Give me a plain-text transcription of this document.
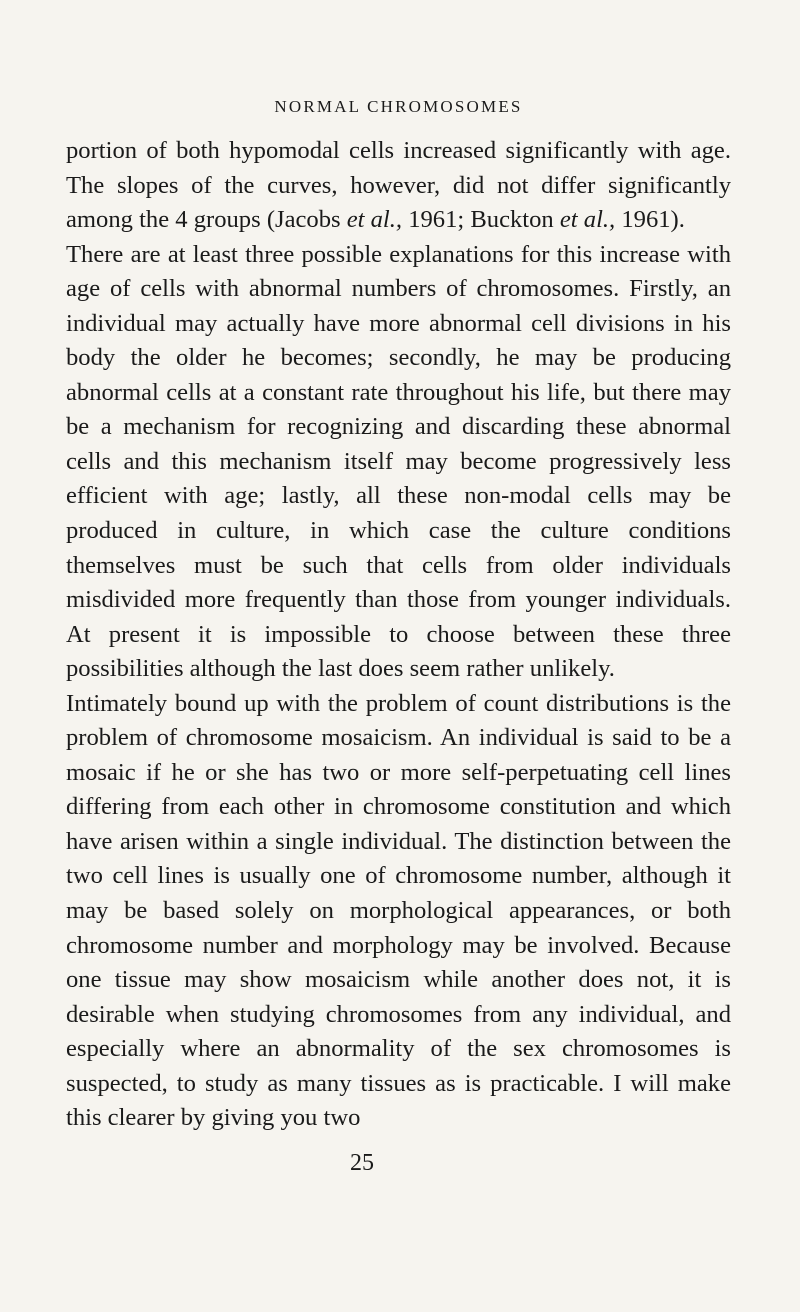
NORMAL CHROMOSOMES

portion of both hypomodal cells increased significantly with age. The slopes of the curves, however, did not differ significantly among the 4 groups (Jacobs et al., 1961; Buckton et al., 1961).

There are at least three possible explanations for this increase with age of cells with abnormal numbers of chromosomes. Firstly, an individual may actually have more abnormal cell divisions in his body the older he becomes; secondly, he may be producing abnormal cells at a constant rate throughout his life, but there may be a mechanism for recognizing and discarding these abnormal cells and this mechanism itself may become progressively less efficient with age; lastly, all these non-modal cells may be produced in culture, in which case the culture conditions themselves must be such that cells from older individuals misdivided more frequently than those from younger individuals. At present it is impossible to choose between these three possibilities although the last does seem rather unlikely.

Intimately bound up with the problem of count distributions is the problem of chromosome mosaicism. An individual is said to be a mosaic if he or she has two or more self-perpetuating cell lines differing from each other in chromosome constitution and which have arisen within a single individual. The distinction between the two cell lines is usually one of chromosome number, although it may be based solely on morphological appearances, or both chromosome number and morphology may be involved. Because one tissue may show mosaicism while another does not, it is desirable when studying chromosomes from any individual, and especially where an abnormality of the sex chromosomes is suspected, to study as many tissues as is practicable. I will make this clearer by giving you two

25
